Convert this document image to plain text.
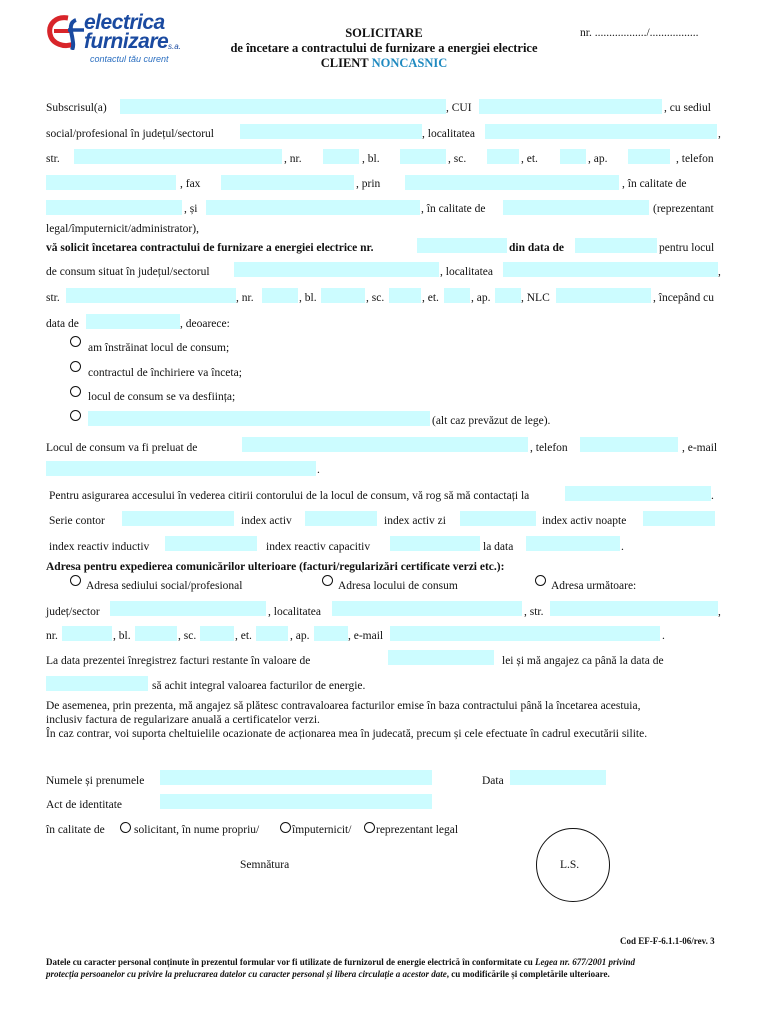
electrica
furnizare s.a.
contactul tău curent
SOLICITARE
de încetare a contractului de furnizare a energiei electrice
CLIENT NONCASNIC
nr. ................../.................
Subscrisul(a)	, CUI	, cu sediul
social/profesional în județul/sectorul	, localitatea	,
str.	, nr.	, bl.	, sc.	, et.	, ap.	, telefon
, fax	, prin	, în calitate de
, și	, în calitate de	(reprezentant
legal/împuternicit/administrator),
vă solicit încetarea contractului de furnizare a energiei electrice nr.	din data de	pentru locul
de consum situat în județul/sectorul	, localitatea	,
str.	, nr.	, bl.	, sc.	, et.	, ap.	, NLC	, începând cu
data de	, deoarece:
am înstrăinat locul de consum;
contractul de închiriere va înceta;
locul de consum se va desființa;
(alt caz prevăzut de lege).
Locul de consum va fi preluat de	, telefon	, e-mail
.
Pentru asigurarea accesului în vederea citirii contorului de la locul de consum, vă rog să mă contactați la	.
Serie contor	index activ	index activ zi	index activ noapte
index reactiv inductiv	index reactiv capacitiv	la data	.
Adresa pentru expedierea comunicărilor ulterioare (facturi/regularizări certificate verzi etc.):
Adresa sediului social/profesional	Adresa locului de consum	Adresa următoare:
județ/sector	, localitatea	, str.	,
nr.	, bl.	, sc.	, et.	, ap.	, e-mail	.
La data prezentei înregistrez facturi restante în valoare de	lei și mă angajez ca până la data de
să achit integral valoarea facturilor de energie.
De asemenea, prin prezenta, mă angajez să plătesc contravaloarea facturilor emise în baza contractului până la încetarea acestuia,
inclusiv factura de regularizare anuală a certificatelor verzi.
În caz contrar, voi suporta cheltuielile ocazionate de acționarea mea în judecată, precum și cele efectuate în cadrul executării silite.
Numele și prenumele	Data
Act de identitate
în calitate de	solicitant, în nume propriu/	împuternicit/ reprezentant legal
Semnătura	L.S.
Cod EF-F-6.1.1-06/rev. 3
Datele cu caracter personal conținute în prezentul formular vor fi utilizate de furnizorul de energie electrică în conformitate cu Legea nr. 677/2001 privind
protecția persoanelor cu privire la prelucrarea datelor cu caracter personal și libera circulație a acestor date, cu modificările și completările ulterioare.
